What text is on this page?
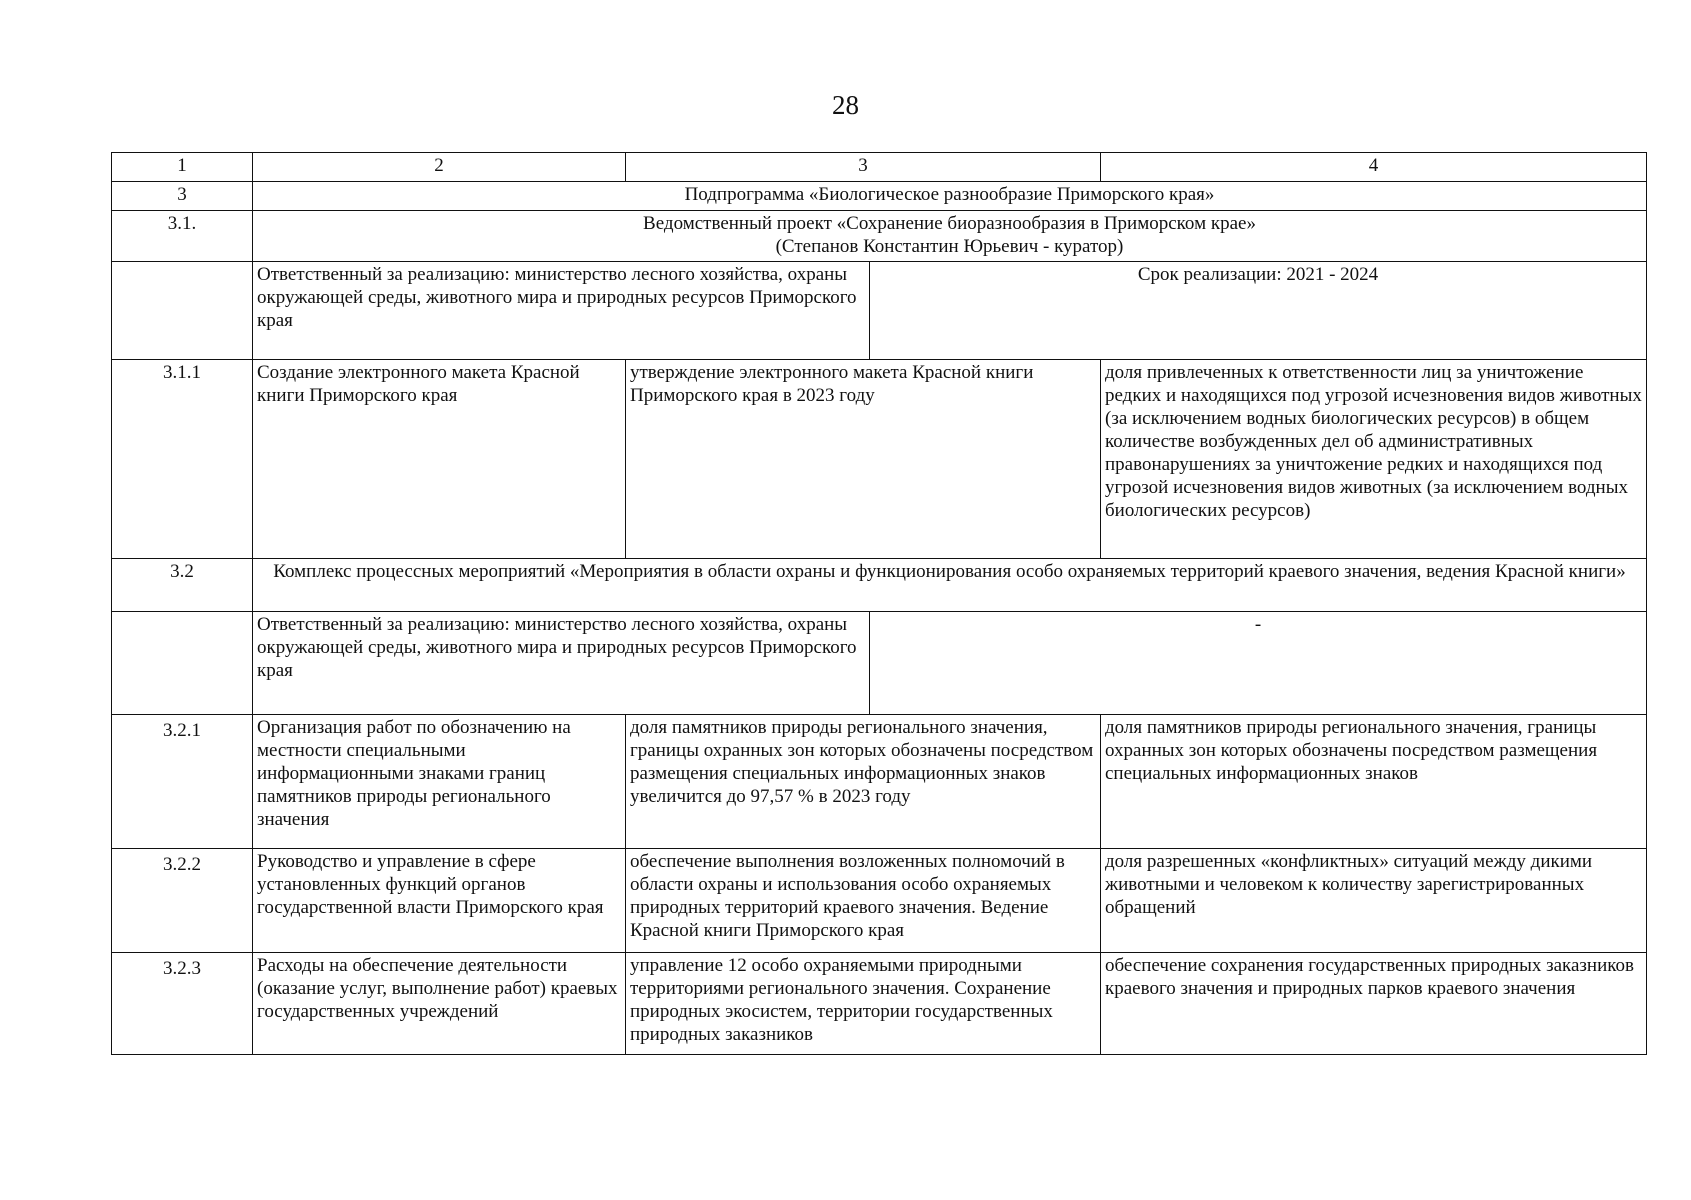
28
1	2	3		4
3	Подпрограмма «Биологическое разнообразие Приморского края»			
3.1.	Ведомственный проект «Сохранение биоразнообразия в Приморском крае»
(Степанов Константин Юрьевич - куратор)			

	Ответственный за реализацию: министерство лесного хозяйства, охраны окружающей среды, животного мира и природных ресурсов Приморского края		Срок реализации: 2021 - 2024	
3.1.1	Создание электронного макета Красной книги Приморского края	утверждение электронного макета Красной книги Приморского края в 2023 году		доля привлеченных к ответственности лиц за уничтожение редких и находящихся под угрозой исчезновения видов животных (за исключением водных биологических ресурсов) в общем количестве возбужденных дел об административных правонарушениях за уничтожение редких и находящихся под угрозой исчезновения видов животных (за исключением водных биологических ресурсов)
3.2	Комплекс процессных мероприятий «Мероприятия в области охраны и функционирования особо охраняемых территорий краевого значения, ведения Красной книги»			
	Ответственный за реализацию: министерство лесного хозяйства, охраны окружающей среды, животного мира и природных ресурсов Приморского края		-	
3.2.1	Организация работ по обозначению на местности специальными информационными знаками границ памятников природы регионального значения	доля памятников природы регионального значения, границы охранных зон которых обозначены посредством размещения специальных информационных знаков увеличится до 97,57 % в 2023 году		доля памятников природы регионального значения, границы охранных зон которых обозначены посредством размещения специальных информационных знаков
3.2.2	Руководство и управление в сфере установленных функций органов государственной власти Приморского края	обеспечение выполнения возложенных полномочий в области охраны и использования особо охраняемых природных территорий краевого значения. Ведение Красной книги Приморского края		доля разрешенных «конфликтных» ситуаций между дикими животными и человеком к количеству зарегистрированных обращений
3.2.3	Расходы на обеспечение деятельности (оказание услуг, выполнение работ) краевых государственных учреждений	управление 12 особо охраняемыми природными территориями регионального значения. Сохранение природных экосистем, территории государственных природных заказников		обеспечение сохранения государственных природных заказников краевого значения и природных парков краевого значения
